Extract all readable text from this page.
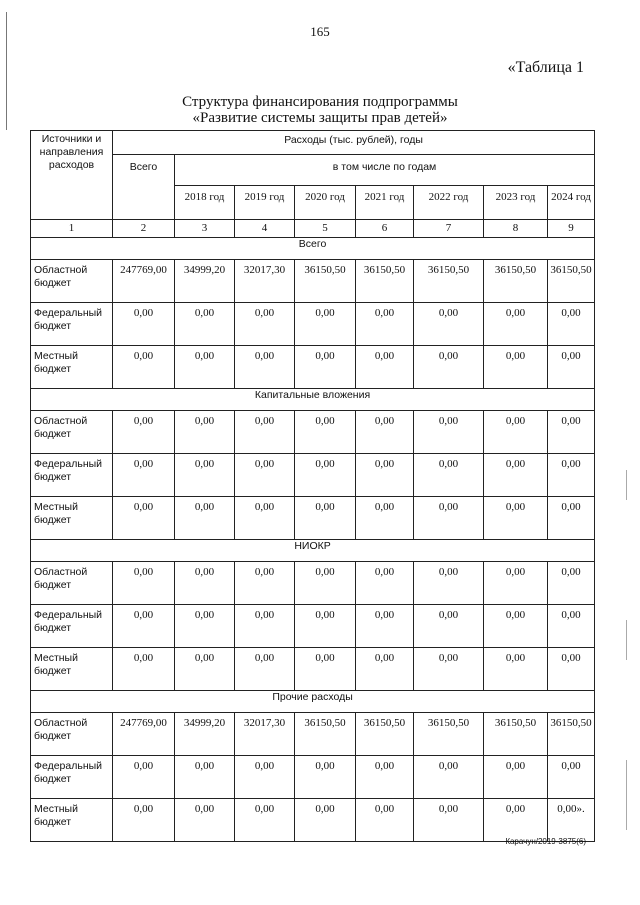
165
«Таблица 1
Структура финансирования подпрограммы
«Развитие системы защиты прав детей»
Источники и направления расходов	Расходы (тыс. рублей), годы							
	Всего	в том числе по годам						
		2018 год	2019 год	2020 год	2021 год	2022 год	2023 год	2024 год
1	2	3	4	5	6	7	8	9
Всего								
Областной бюджет	247769,00	34999,20	32017,30	36150,50	36150,50	36150,50	36150,50	36150,50
Федеральный бюджет	0,00	0,00	0,00	0,00	0,00	0,00	0,00	0,00
Местный бюджет	0,00	0,00	0,00	0,00	0,00	0,00	0,00	0,00
Капитальные вложения								
Областной бюджет	0,00	0,00	0,00	0,00	0,00	0,00	0,00	0,00
Федеральный бюджет	0,00	0,00	0,00	0,00	0,00	0,00	0,00	0,00
Местный бюджет	0,00	0,00	0,00	0,00	0,00	0,00	0,00	0,00
НИОКР								
Областной бюджет	0,00	0,00	0,00	0,00	0,00	0,00	0,00	0,00
Федеральный бюджет	0,00	0,00	0,00	0,00	0,00	0,00	0,00	0,00
Местный бюджет	0,00	0,00	0,00	0,00	0,00	0,00	0,00	0,00
Прочие расходы								
Областной бюджет	247769,00	34999,20	32017,30	36150,50	36150,50	36150,50	36150,50	36150,50
Федеральный бюджет	0,00	0,00	0,00	0,00	0,00	0,00	0,00	0,00
Местный бюджет	0,00	0,00	0,00	0,00	0,00	0,00	0,00	0,00».
Карачун/2019-3875(6)
